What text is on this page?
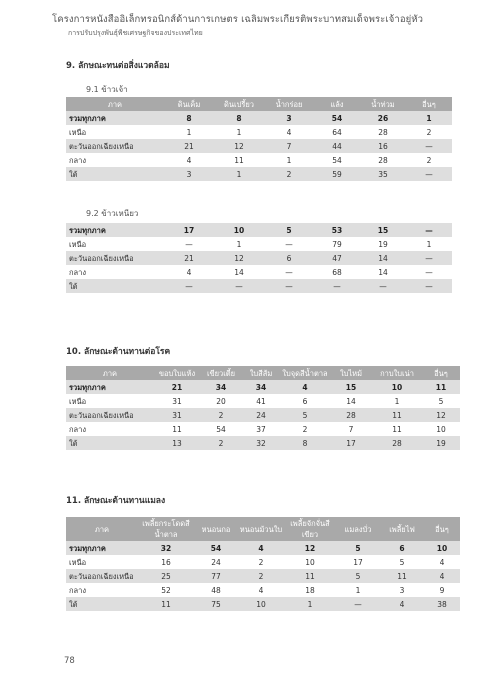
โครงการหนังสืออิเล็กทรอนิกส์ด้านการเกษตร เฉลิมพระเกียรติพระบาทสมเด็จพระเจ้าอยู่หัว
การปรับปรุงพันธุ์พืชเศรษฐกิจของประเทศไทย
9. ลักษณะทนต่อสิ่งแวดล้อม
9.1 ข้าวเจ้า
ภาค	ดินเค็ม	ดินเปรี้ยว	น้ำกร่อย	แล้ง	น้ำท่วม	อื่นๆ
รวมทุกภาค	8	8	3	54	26	1
เหนือ	1	1	4	64	28	2
ตะวันออกเฉียงเหนือ	21	12	7	44	16	—
กลาง	4	11	1	54	28	2
ใต้	3	1	2	59	35	—
9.2 ข้าวเหนียว
รวมทุกภาค	17	10	5	53	15	—
เหนือ	—	1	—	79	19	1
ตะวันออกเฉียงเหนือ	21	12	6	47	14	—
กลาง	4	14	—	68	14	—
ใต้	—	—	—	—	—	—
10. ลักษณะต้านทานต่อโรค
ภาค	ขอบใบแห้ง	เขียวเตี้ย	ใบสีส้ม	ใบจุดสีน้ำตาล	ใบไหม้	กาบใบเน่า	อื่นๆ
รวมทุกภาค	21	34	34	4	15	10	11
เหนือ	31	20	41	6	14	1	5
ตะวันออกเฉียงเหนือ	31	2	24	5	28	11	12
กลาง	11	54	37	2	7	11	10
ใต้	13	2	32	8	17	28	19
11. ลักษณะต้านทานแมลง
ภาค	เพลี้ยกระโดดสีน้ำตาล	หนอนกอ	หนอนม้วนใบ	เพลี้ยจักจั่นสีเขียว	แมลงบั่ว	เพลี้ยไฟ	อื่นๆ
รวมทุกภาค	32	54	4	12	5	6	10
เหนือ	16	24	2	10	17	5	4
ตะวันออกเฉียงเหนือ	25	77	2	11	5	11	4
กลาง	52	48	4	18	1	3	9
ใต้	11	75	10	1	—	4	38
78
